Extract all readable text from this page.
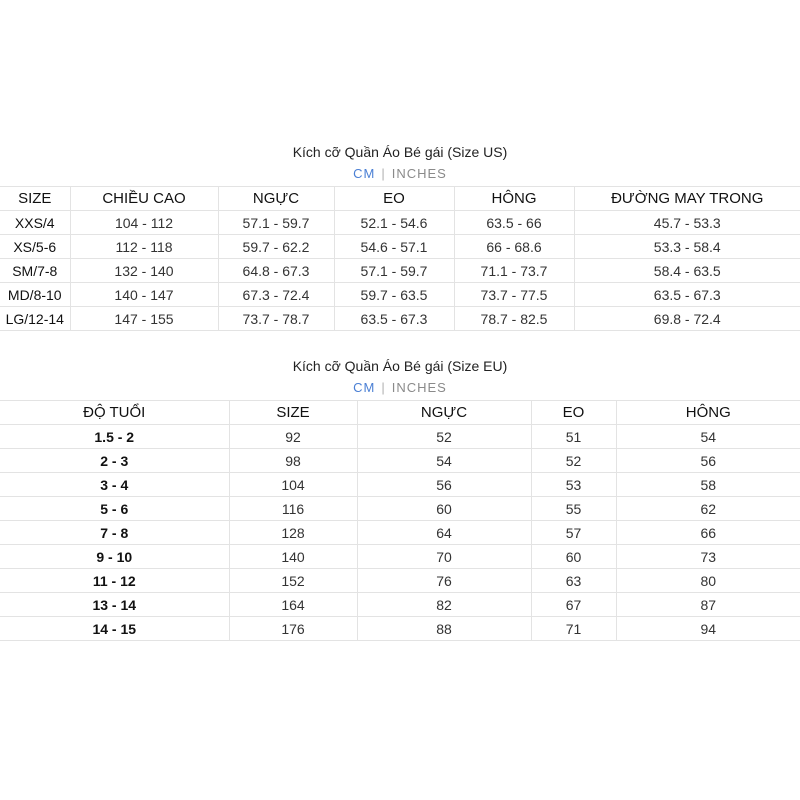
Kích cỡ Quần Áo Bé gái (Size US)
CM | INCHES
SIZE	CHIỀU CAO	NGỰC	EO	HÔNG	ĐƯỜNG MAY TRONG
XXS/4	104 - 112	57.1 - 59.7	52.1 - 54.6	63.5 - 66	45.7 - 53.3
XS/5-6	112 - 118	59.7 - 62.2	54.6 - 57.1	66 - 68.6	53.3 - 58.4
SM/7-8	132 - 140	64.8 - 67.3	57.1 - 59.7	71.1 - 73.7	58.4 - 63.5
MD/8-10	140 - 147	67.3 - 72.4	59.7 - 63.5	73.7 - 77.5	63.5 - 67.3
LG/12-14	147 - 155	73.7 - 78.7	63.5 - 67.3	78.7 - 82.5	69.8 - 72.4
Kích cỡ Quần Áo Bé gái (Size EU)
CM | INCHES
ĐỘ TUỔI	SIZE	NGỰC	EO	HÔNG
1.5 - 2	92	52	51	54
2 - 3	98	54	52	56
3 - 4	104	56	53	58
5 - 6	116	60	55	62
7 - 8	128	64	57	66
9 - 10	140	70	60	73
11 - 12	152	76	63	80
13 - 14	164	82	67	87
14 - 15	176	88	71	94
